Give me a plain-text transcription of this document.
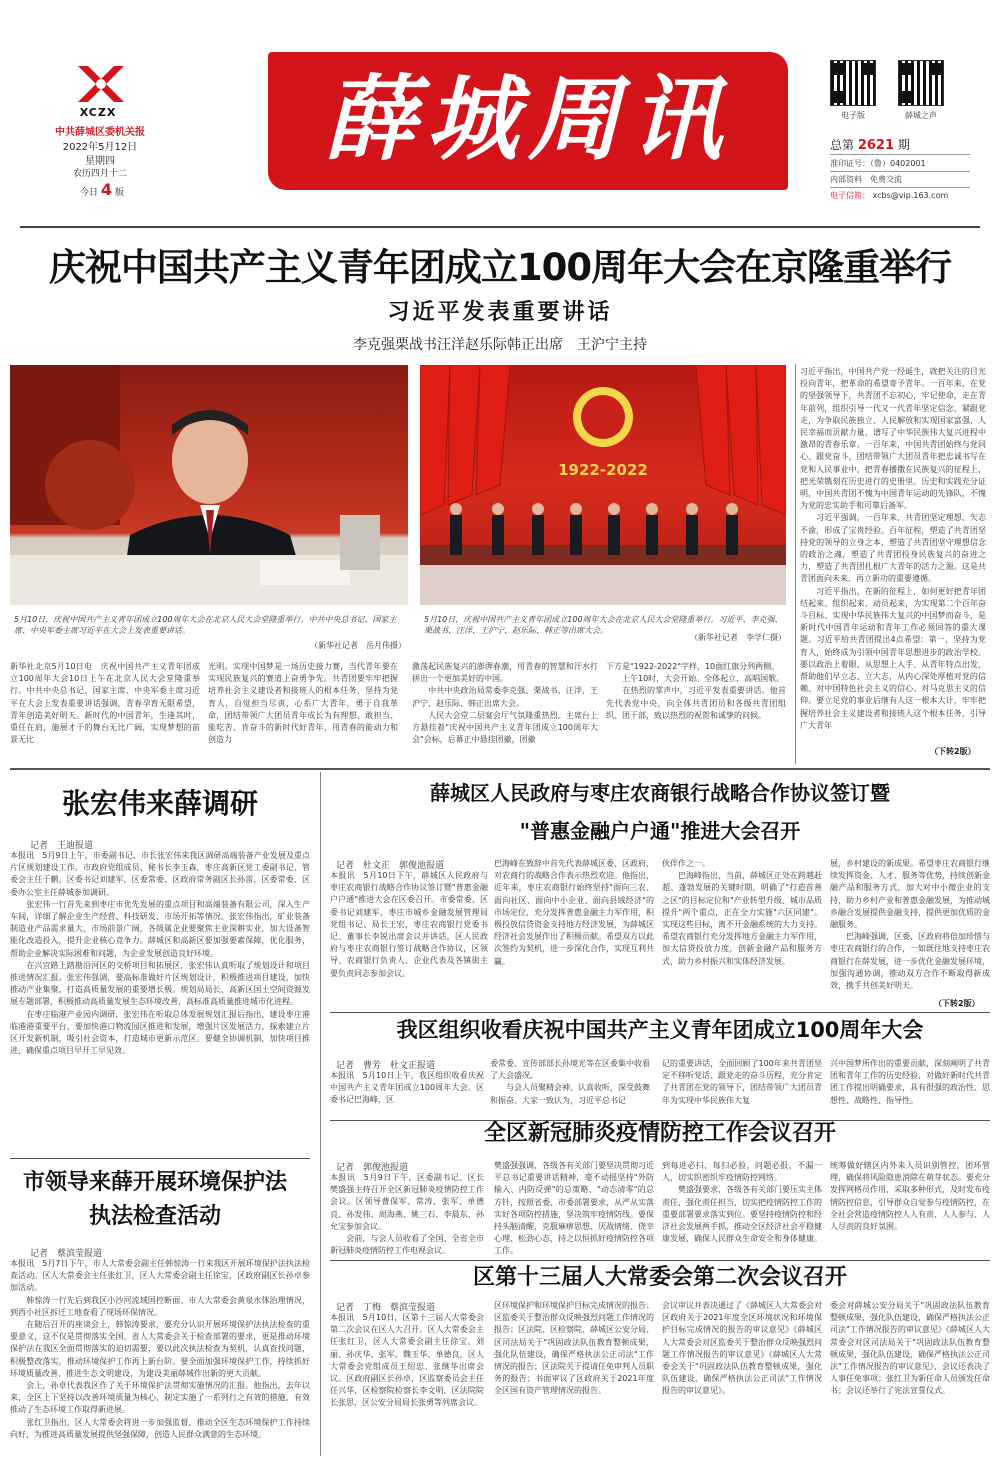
XCZX
中共薛城区委机关报
2022年5月12日
星期四
农历四月十二
今日 4 版
薛城周讯	电子版	薛城之声
总第 2621 期
准印证号：（鲁）0402001
内部资料　免费交流
电子信箱： xcbs@vip.163.com
庆祝中国共产主义青年团成立100周年大会在京隆重举行
习近平发表重要讲话
李克强栗战书汪洋赵乐际韩正出席　王沪宁主持
5月10日，庆祝中国共产主义青年团成立100周年大会在北京人民大会堂隆重举行。中共中央总书记、国家主席、中央军委主席习近平在大会上发表重要讲话。
（新华社记者　岳月伟摄）
1922-2022
5月10日，庆祝中国共产主义青年团成立100周年大会在北京人民大会堂隆重举行。习近平、李克强、栗战书、汪洋、王沪宁、赵乐际、韩正等出席大会。
（新华社记者　李学仁摄）
新华社北京5月10日电　庆祝中国共产主义青年团成立100周年大会10日上午在北京人民大会堂隆重举行。中共中央总书记、国家主席、中央军委主席习近平在大会上发表重要讲话强调，青春孕育无限希望，青年创造美好明天。新时代的中国青年，生逢其时，重任在肩，施展才干的舞台无比广阔，实现梦想的前景无比
光明。实现中国梦是一场历史接力赛，当代青年要在实现民族复兴的赛道上奋勇争先。共青团要牢牢把握培养社会主义建设者和接班人的根本任务，坚持为党育人，自觉担当尽责，心系广大青年，勇于自我革命，团结带领广大团员青年成长为有理想、敢担当、能吃苦、肯奋斗的新时代好青年，用青春的能动力和创造力
激荡起民族复兴的澎湃春潮，用青春的智慧和汗水打拼出一个更加美好的中国。
　　中共中央政治局常委李克强、栗战书、汪洋、王沪宁、赵乐际、韩正出席大会。
　　人民大会堂二层宴会厅气氛隆重热烈。主席台上方悬挂着"庆祝中国共产主义青年团成立100周年大会"会标，后幕正中悬挂团徽，团徽
下方是"1922-2022"字样，10面红旗分列两侧。
　　上午10时，大会开始。全体起立，高唱国歌。
　　在热烈的掌声中，习近平发表重要讲话。他首先代表党中央，向全体共青团员和各级共青团组织、团干部，致以热烈的祝贺和诚挚的问候。
习近平指出，中国共产党一经诞生，就把关注的目光投向青年，把革命的希望寄予青年。一百年来，在党的坚强领导下，共青团不忘初心，牢记使命，走在青年前列，组织引导一代又一代青年坚定信念、紧跟党走，为争取民族独立、人民解放和实现国家富强、人民幸福而贡献力量，谱写了中华民族伟大复兴进程中激昂的青春乐章。一百年来，中国共青团始终与党同心、跟党奋斗，团结带领广大团员青年把忠诚书写在党和人民事业中，把青春播撒在民族复兴的征程上，把光荣镌刻在历史进行的史册里。历史和实践充分证明，中国共青团不愧为中国青年运动的先锋队，不愧为党的忠实助手和可靠后备军。
　　习近平强调，一百年来，共青团坚定理想、矢志不渝，形成了宝贵经验。百年征程，塑造了共青团坚持党的领导的立身之本，塑造了共青团坚守理想信念的政治之魂，塑造了共青团投身民族复兴的奋进之力，塑造了共青团扎根广大青年的活力之源。这是共青团面向未来、再立新功的重要遵循。
　　习近平指出，在新的征程上，如何更好把青年团结起来、组织起来、动员起来，为实现第二个百年奋斗目标、实现中华民族伟大复兴的中国梦而奋斗，是新时代中国青年运动和青年工作必须回答的重大课题。习近平给共青团提出4点希望：第一，坚持为党育人，始终成为引领中国青年思想进步的政治学校。要以政治上着眼、从思想上入手、从青年特点出发，帮助他们早立志、立大志，从内心深处厚植对党的信赖、对中国特色社会主义的信心、对马克思主义的信仰。要立足党的事业后继有人这一根本大计，牢牢把握培养社会主义建设者和接班人这个根本任务，引导广大青年
（下转2版）
张宏伟来薛调研
记者　王迪报道
本报讯　5月9日上午，市委副书记、市长张宏伟来我区调研高端装备产业发展及重点片区规划建设工作。市政府党组成员、秘书长李玉森，枣庄高新区党工委副书记、管委会主任于鹏，区委书记刘建军，区委常委、区政府常务副区长孙雷，区委常委、区委办公室主任薛城参加调研。
　　张宏伟一行首先来到枣庄市优先发展的重点项目和高端装备有限公司，深入生产车间，详细了解企业生产经营、科技研发、市场开拓等情况。张宏伟指出，矿业装备制造业产品需求量大，市场前景广阔，各级属企业要聚焦主业深耕实业，加大设备智能化改造投入，提升企业核心竞争力。薛城区和高新区要加强要素保障，优化服务，帮助企业解决实际困难和问题，为企业发展创造良好环境。
　　在兴宜路上踏勘沿河区的交桥项目和拓展区，张宏伟认真听取了规划设计和项目推进情况汇报。张宏伟强调，要高标准做好片区规划设计，积极推进项目建设，加快推动产业集聚，打造高质量发展的重要增长极。规划局局长、高新区国土空间资源发展专题部署，积极推动高质量发展生态环境改善，高标准高质量推进城市化进程。
　　在枣庄临港产业园内调研，张宏伟在听取总体发展规划汇报后指出，建设枣庄港临港港重要平台，要加快港口物流园区推进和发展，增强片区发展活力，探索建立片区开发新机制，吸引社会资本，打造城市更新示范区。要健全协调机制，加快项目推进，确保重点项目早开工早见效。
市领导来薛开展环境保护法执法检查活动
记者　蔡滨莹报道
本报讯　5月7日下午，市人大常委会副主任韩惊涛一行来我区开展环境保护法执法检查活动。区人大常委会主任张红卫，区人大常委会副主任徐宝，区政府副区长孙卓参加活动。
　　韩惊涛一行先后到我区小沙河流域国控断面、市人大常委会黄泉水体治理情况，到西小社区拆迁工地查看了现场环保情况。
　　在随后召开的座谈会上，韩惊涛要求，要充分认识开展环境保护法执法检查的重要意义，这不仅是贯彻落实全国、省人大常委会关于检查部署的要求，更是推动环境保护法在我区全面贯彻落实的迫切需要，要以此次执法检查为契机，认真查找问题，积极整改落实，推动环境保护工作再上新台阶。要全面加强环境保护工作，持续抓好环境质量改善，推进生态文明建设，为建设美丽薛城作出新的更大贡献。
　　会上，孙卓代表我区作了关于环境保护法贯彻实施情况的汇报。他指出，去年以来，全区上下坚持以改善环境质量为核心，制定实施了一系列行之有效的措施，有效推动了生态环境工作取得新进展。
　　张红卫指出，区人大常委会将进一步加强监督，推动全区生态环境保护工作持续向好，为推进高质量发展提供坚强保障，创造人民群众满意的生态环境。
薛城区人民政府与枣庄农商银行战略合作协议签订暨
"普惠金融户户通"推进大会召开
记者　杜文正　郭俊池报道
本报讯　5月10日下午，薛城区人民政府与枣庄农商银行战略合作协议签订暨"普惠金融户户通"推进大会在区委召开。市委常委、区委书记刘建军，枣庄市城乡金融发展管理局党组书记、局长王宏，枣庄农商银行党委书记、董事长李锐出席会议并讲话，区人民政府与枣庄农商银行签订战略合作协议，区领导、农商银行负责人、企业代表及各镇街主要负责同志参加会议。
巴海峰在致辞中首先代表薛城区委、区政府，对农商行的战略合作表示热烈欢迎。他指出，近年来，枣庄农商银行始终坚持"面向三农、面向社区、面向中小企业、面向县域经济"的市场定位，充分发挥普惠金融主力军作用，积极投放信贷资金支持地方经济发展，为薛城区经济社会发展作出了积极贡献。希望双方以此次签约为契机，进一步深化合作，实现互利共赢。
伙伴作之一。
　　巴海峰指出，当前，薛城区正处在跨越赶超、蓬勃发展的关键时期，明确了"打造首善之区"的目标定位和"产业转型升级、城市品质提升"两个重点，正在全力实施"六区同建"。实现这些目标，离不开金融系统的大力支持。希望农商银行充分发挥地方金融主力军作用，加大信贷投放力度，创新金融产品和服务方式，助力乡村振兴和实体经济发展。
展，乡村建设的新成果。希望枣庄农商银行继续发挥资金、人才、服务等优势，持续创新金融产品和服务方式，加大对中小微企业的支持，助力乡村产业和普惠金融发展，为推动城乡融合发展提供金融支持，提供更加优质的金融服务。
　　巴海峰强调，区委、区政府将倍加珍惜与枣庄农商银行的合作，一如既往地支持枣庄农商银行在薛发展，进一步优化金融发展环境，加强沟通协调，推动双方合作不断取得新成效，携手共创美好明天。
（下转2版）
我区组织收看庆祝中国共产主义青年团成立100周年大会
记者　曹芳　杜文正报道
本报讯　5月10日上午，我区组织收看庆祝中国共产主义青年团成立100周年大会。区委书记巴海峰，区
委常委、宣传部部长孙境光等在区委集中收看了大会盛况。
　　与会人员聚精会神、认真收听，深受鼓舞和振奋。大家一致认为，习近平总书记
记的重要讲话，全面回顾了100年来共青团坚定不移听党话、跟党走的奋斗历程，充分肯定了共青团在党的领导下，团结带领广大团员青年为实现中华民族伟大复
兴中国梦所作出的重要贡献，深刻阐明了共青团和青年工作的历史经验，对做好新时代共青团工作提出明确要求，具有很强的政治性、思想性、战略性、指导性。
全区新冠肺炎疫情防控工作会议召开
记者　郭俊池报道
本报讯　5月9日下午，区委副书记、区长樊盛强主持召开全区新冠肺炎疫情防控工作会议。区领导曹保军、常涛、张军、单德良、孙发伟、周海燕、姚三石、李晨东、孙允宝参加会议。
　　会前，与会人员收看了全国、全省全市新冠肺炎疫情防控工作电视会议。
樊盛强强调，各级各有关部门要坚决贯彻习近平总书记重要讲话精神，毫不动摇坚持"外防输入、内防反弹"的总策略、"动态清零"的总方针，按照省委、市委部署要求，从严从实落实好各项防控措施，坚决筑牢疫情防线。要保持头脑清醒，克服麻痹思想、厌战情绪、侥幸心理、松劲心态，持之以恒抓好疫情防控各项工作。
到每进必扫，每扫必验，问题必报，不漏一人，切实织密织牢疫情防控网络。
　　樊盛强要求，各级各有关部门要压实主体责任，强化责任担当，切实把疫情防控工作的重要部署要求落实到位。要坚持疫情防控和经济社会发展两手抓，推动全区经济社会平稳健康发展，确保人民群众生命安全和身体健康。
统筹做好辖区内外来人员识别管控，团环管理，确保将风险隐患消除在萌芽状态。要充分发挥网格员作用，采取多种形式，及时发布疫情防控信息，引导群众自觉参与疫情防控，在全社会营造疫情防控人人有责、人人参与、人人尽责的良好氛围。
区第十三届人大常委会第二次会议召开
记者　丁梅　蔡滨莹报道
本报讯　5月10日，区第十三届人大常委会第二次会议在区人大召开。区人大常委会主任张红卫，区人大常委会副主任徐宝、刘丽、孙庆华、张军，魏玉华、单德良，区人大常委会党组成员王绍忠、张继华出席会议。区政府副区长孙卓，区监察委员会主任任兴华，区检察院检察长李文明，区法院院长张思，区公安分局局长张勇等列席会议。
区环境保护和环境保护目标完成情况的报告；区监委关于整治群众反映强烈问题工作情况的报告；区法院、区检察院、薛城区公安分局、区司法局关于"巩固政法队伍教育整顿成果，强化队伍建设，确保严格执法公正司法"工作情况的报告；区法院关于提请任免审判人员职务的报告；书面审议了区政府关于2021年度全区国有资产管理情况的报告。
会议审议并表决通过了《薛城区人大常委会对区政府关于2021年度全区环境状况和环境保护目标完成情况的报告的审议意见》《薛城区人大常委会对区监委关于整治群众反映强烈问题工作情况报告的审议意见》《薛城区人大常委会关于"巩固政法队伍教育整顿成果，强化队伍建设，确保严格执法公正司法"工作情况报告的审议意见》。
委会对薛城公安分局关于"巩固政法队伍教育整顿成果，强化队伍建设，确保严格执法公正司法"工作情况报告的审议意见》《薛城区人大常委会对区司法局关于"巩固政法队伍教育整顿成果，强化队伍建设，确保严格执法公正司法"工作情况报告的审议意见》，会议还表决了人事任免事项；张红卫为新任命人员颁发任命书；会议还举行了宪法宣誓仪式。
